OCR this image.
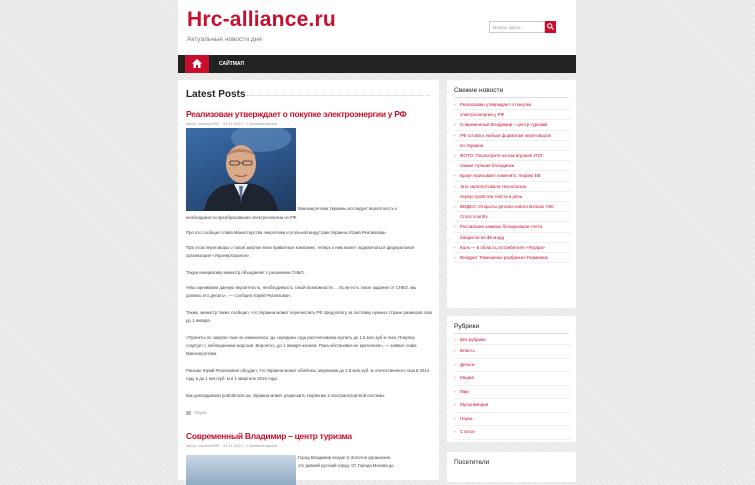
Hrc-alliance.ru
Актуальные новости дня
Искать здесь...
САЙТМАП
Latest Posts
Реализован утверждает о покупке электроэнергии у РФ
автор: semka0990 · 24.11.2019 · 0 Комментариев
Минэнергетики Украины исследует вероятность к
необходимости преобразования электроэнергии из РФ.
Про это сообщил глава Министерства энергетики и угольной индустрии Украины Юрий Реализован.
При этом переговоры о такой закупке вели приватные компании, теперь к ним может подключаться федеральная организация «Укрэнергорынок».
Такую инициативу министр объединяет с решением СНБО.
«Мы оцениваем данную вероятность, необходимость такой возможности … Если есть такое задание от СНБО, мы должны его делать», — сообщил Юрий Реализован.
Также, министр также сообщил, что Украина может перечислить РФ предоплату за поставку нужных стране размеров газа до 1 января.
«Проекты по закупке газа не изменились: до середины года рассчитываем скупить до 1,5 млн куб м газа. Покупка стартует с наблюдением морозов. Вероятно, до 1 января начнем. Пока обстановка не критичная», — заявил глава Минэнергетики.
Раньше Юрий Реализован обсудил, что Украина может обойтись закупками до 1,5 млн куб. м отечественного газа в 2014 году и до 1 млн куб. м в 1 квартале 2015 года.
Как докладывали podrobnosti.ua, Украина может разрешить Норвегию к газотранспортной системы.
Наука
Современный Владимир – центр туризма
автор: semka0990 · 24.11.2019 · 0 Комментариев
Город Владимир входит в Золотое украшение,
это давний русский город. От Города Москва до
Свежие новости
› Реализован утверждает о покупке
электроэнергии у РФ
› Современный Владимир – центр туризма
› РФ готова к любым форматам переговоров
по Украине
› ФОТО: Посмотрите на как игроков УПЛ:
самые лучшие блондинки
› Браун призывает изменить теорию ЕВ
› Эпл запатентовала технологию
переустройства текста в речь
› ВИДЕО: Открыты детали нового Вольво V60
Cross country
› Российские камеры блокировали счета
бандитов на $6 млрд
› Калк — в область истребителя «Ягуара»
› Внедрит Темешенко разбрехал Германию
Рубрики
› Без рубрики
› Власть
› Деньги
› Медиа
› Мир
› Мультимедиа
› Наука
› Статьи
Посетители
